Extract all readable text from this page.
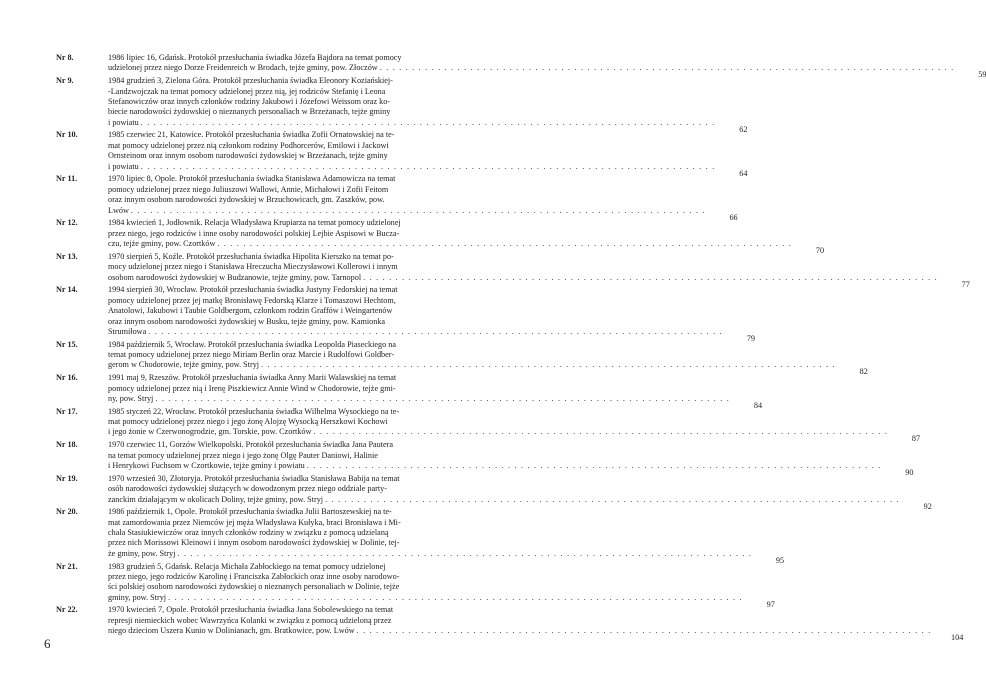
Nr 8.	1986 lipiec 16, Gdańsk. Protokół przesłuchania świadka Józefa Bajdora na temat pomocy
udzielonej przez niego Dorze Freidenreich w Brodach, tejże gminy, pow. Złoczów
. . .
59
Nr 9.	1984 grudzień 3, Zielona Góra. Protokół przesłuchania świadka Eleonory Koziańskiej-
-Landzwojczak na temat pomocy udzielonej przez nią, jej rodziców Stefanię i Leona
Stefanowiczów oraz innych członków rodziny Jakubowi i Józefowi Weissom oraz ko-
biecie narodowości żydowskiej o nieznanych personaliach w Brzeżanach, tejże gminy
i powiatu
. . .
62
Nr 10.	1985 czerwiec 21, Katowice. Protokół przesłuchania świadka Zofii Ornatowskiej na te-
mat pomocy udzielonej przez nią członkom rodziny Podhorcerów, Emilowi i Jackowi
Ornsteinom oraz innym osobom narodowości żydowskiej w Brzeżanach, tejże gminy
i powiatu
. . .
64
Nr 11.	1970 lipiec 8, Opole. Protokół przesłuchania świadka Stanisława Adamowicza na temat
pomocy udzielonej przez niego Juliuszowi Wallowi, Annie, Michałowi i Zofii Feitom
oraz innym osobom narodowości żydowskiej w Brzuchowicach, gm. Zaszków, pow.
Lwów
. . .
66
Nr 12.	1984 kwiecień 1, Jodłownik. Relacja Władysława Krupiarza na temat pomocy udzielonej
przez niego, jego rodziców i inne osoby narodowości polskiej Lejbie Aspisowi w Bucza-
czu, tejże gminy, pow. Czortków
. . .
70
Nr 13.	1970 sierpień 5, Koźle. Protokół przesłuchania świadka Hipolita Kierszko na temat po-
mocy udzielonej przez niego i Stanisława Hreczucha Mieczysławowi Kollerowi i innym
osobom narodowości żydowskiej w Budzanowie, tejże gminy, pow. Tarnopol
. . .
77
Nr 14.	1994 sierpień 30, Wrocław. Protokół przesłuchania świadka Justyny Fedorskiej na temat
pomocy udzielonej przez jej matkę Bronisławę Fedorską Klarze i Tomaszowi Hechtom,
Anatolowi, Jakubowi i Taubie Goldbergom, członkom rodzin Graffów i Weingartenów
oraz innym osobom narodowości żydowskiej w Busku, tejże gminy, pow. Kamionka
Strumiłowa
. . .
79
Nr 15.	1984 październik 5, Wrocław. Protokół przesłuchania świadka Leopolda Piaseckiego na
temat pomocy udzielonej przez niego Miriam Berlin oraz Marcie i Rudolfowi Goldber-
gerom w Chodorowie, tejże gminy, pow. Stryj
. . .
82
Nr 16.	1991 maj 9, Rzeszów. Protokół przesłuchania świadka Anny Marii Walawskiej na temat
pomocy udzielonej przez nią i Irenę Piszkiewicz Annie Wind w Chodorowie, tejże gmi-
ny, pow. Stryj
. . .
84
Nr 17.	1985 styczeń 22, Wrocław. Protokół przesłuchania świadka Wilhelma Wysockiego na te-
mat pomocy udzielonej przez niego i jego żonę Alojzę Wysocką Herszkowi Kochowi
i jego żonie w Czerwonogrodzie, gm. Torskie, pow. Czortków
. . .
87
Nr 18.	1970 czerwiec 11, Gorzów Wielkopolski. Protokół przesłuchania świadka Jana Pautera
na temat pomocy udzielonej przez niego i jego żonę Olgę Pauter Daniowi, Halinie
i Henrykowi Fuchsom w Czortkowie, tejże gminy i powiatu
. . .
90
Nr 19.	1970 wrzesień 30, Złotoryja. Protokół przesłuchania świadka Stanisława Babija na temat
osób narodowości żydowskiej służących w dowodzonym przez niego oddziale party-
zanckim działającym w okolicach Doliny, tejże gminy, pow. Stryj
. . .
92
Nr 20.	1986 październik 1, Opole. Protokół przesłuchania świadka Julii Bartoszewskiej na te-
mat zamordowania przez Niemców jej męża Władysława Kułyka, braci Bronisława i Mi-
chała Stasiukiewiczów oraz innych członków rodziny w związku z pomocą udzielaną
przez nich Morissowi Kleinowi i innym osobom narodowości żydowskiej w Dolinie, tej-
że gminy, pow. Stryj
. . .
95
Nr 21.	1983 grudzień 5, Gdańsk. Relacja Michała Zabłockiego na temat pomocy udzielonej
przez niego, jego rodziców Karolinę i Franciszka Zabłockich oraz inne osoby narodowo-
ści polskiej osobom narodowości żydowskiej o nieznanych personaliach w Dolinie, tejże
gminy, pow. Stryj
. . .
97
Nr 22.	1970 kwiecień 7, Opole. Protokół przesłuchania świadka Jana Sobolewskiego na temat
represji niemieckich wobec Wawrzyńca Kolanki w związku z pomocą udzieloną przez
niego dzieciom Uszera Kunio w Dolinianach, gm. Bratkowice, pow. Lwów
. . .
104
6
